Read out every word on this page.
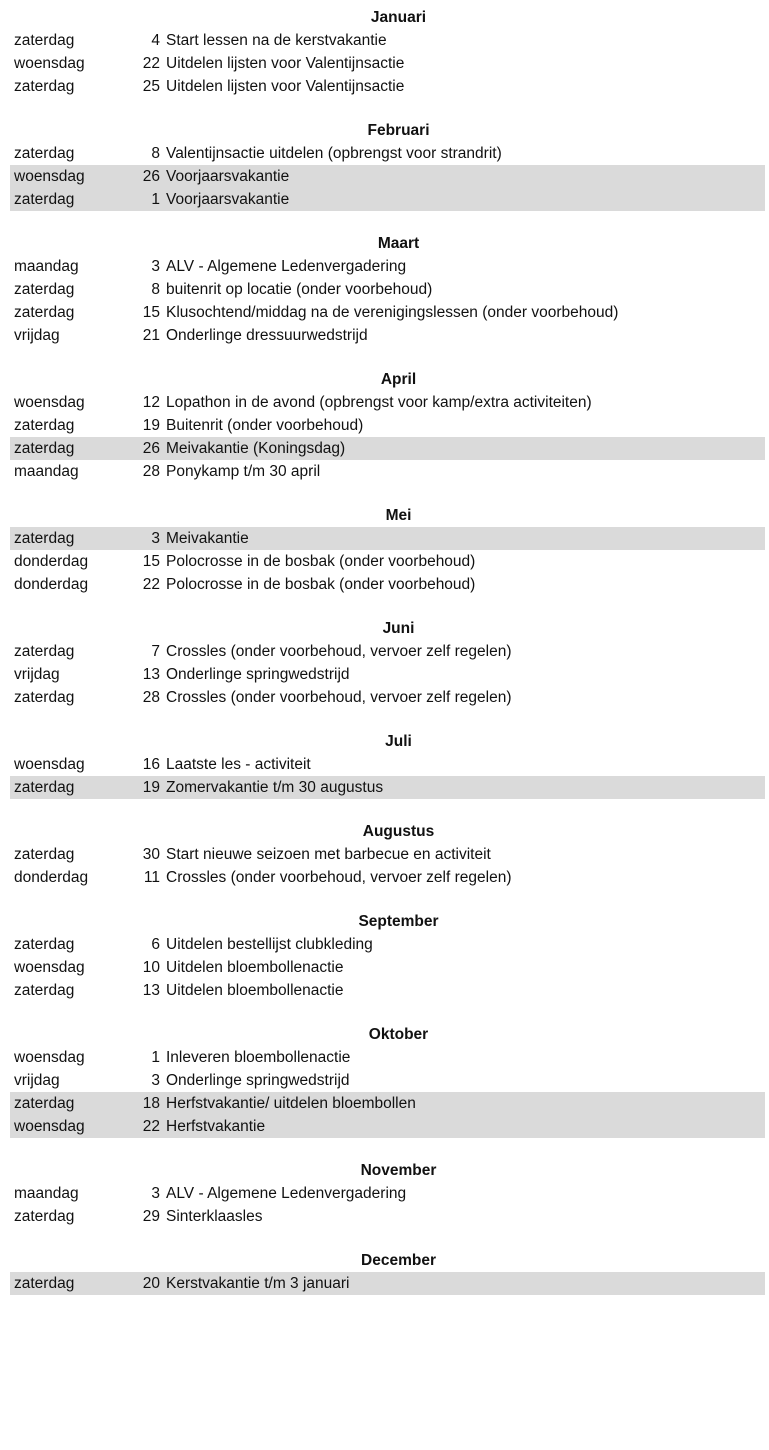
Januari
zaterdag	4 Start lessen na de kerstvakantie
woensdag	22 Uitdelen lijsten voor Valentijnsactie
zaterdag	25 Uitdelen lijsten voor Valentijnsactie
Februari
zaterdag	8 Valentijnsactie uitdelen (opbrengst voor strandrit)
woensdag	26 Voorjaarsvakantie
zaterdag	1 Voorjaarsvakantie
Maart
maandag	3 ALV - Algemene Ledenvergadering
zaterdag	8 buitenrit op locatie (onder voorbehoud)
zaterdag	15 Klusochtend/middag na de verenigingslessen (onder voorbehoud)
vrijdag	21 Onderlinge dressuurwedstrijd
April
woensdag	12 Lopathon in de avond (opbrengst voor kamp/extra activiteiten)
zaterdag	19 Buitenrit (onder voorbehoud)
zaterdag	26 Meivakantie (Koningsdag)
maandag	28 Ponykamp t/m 30 april
Mei
zaterdag	3 Meivakantie
donderdag	15 Polocrosse in de bosbak (onder voorbehoud)
donderdag	22 Polocrosse in de bosbak (onder voorbehoud)
Juni
zaterdag	7 Crossles (onder voorbehoud, vervoer zelf regelen)
vrijdag	13 Onderlinge springwedstrijd
zaterdag	28 Crossles (onder voorbehoud, vervoer zelf regelen)
Juli
woensdag	16 Laatste les - activiteit
zaterdag	19 Zomervakantie t/m 30 augustus
Augustus
zaterdag	30 Start nieuwe seizoen met barbecue en activiteit
donderdag	11 Crossles (onder voorbehoud, vervoer zelf regelen)
September
zaterdag	6 Uitdelen bestellijst clubkleding
woensdag	10 Uitdelen bloembollenactie
zaterdag	13 Uitdelen bloembollenactie
Oktober
woensdag	1 Inleveren bloembollenactie
vrijdag	3 Onderlinge springwedstrijd
zaterdag	18 Herfstvakantie/ uitdelen bloembollen
woensdag	22 Herfstvakantie
November
maandag	3 ALV - Algemene Ledenvergadering
zaterdag	29 Sinterklaasles
December
zaterdag	20 Kerstvakantie t/m 3 januari
